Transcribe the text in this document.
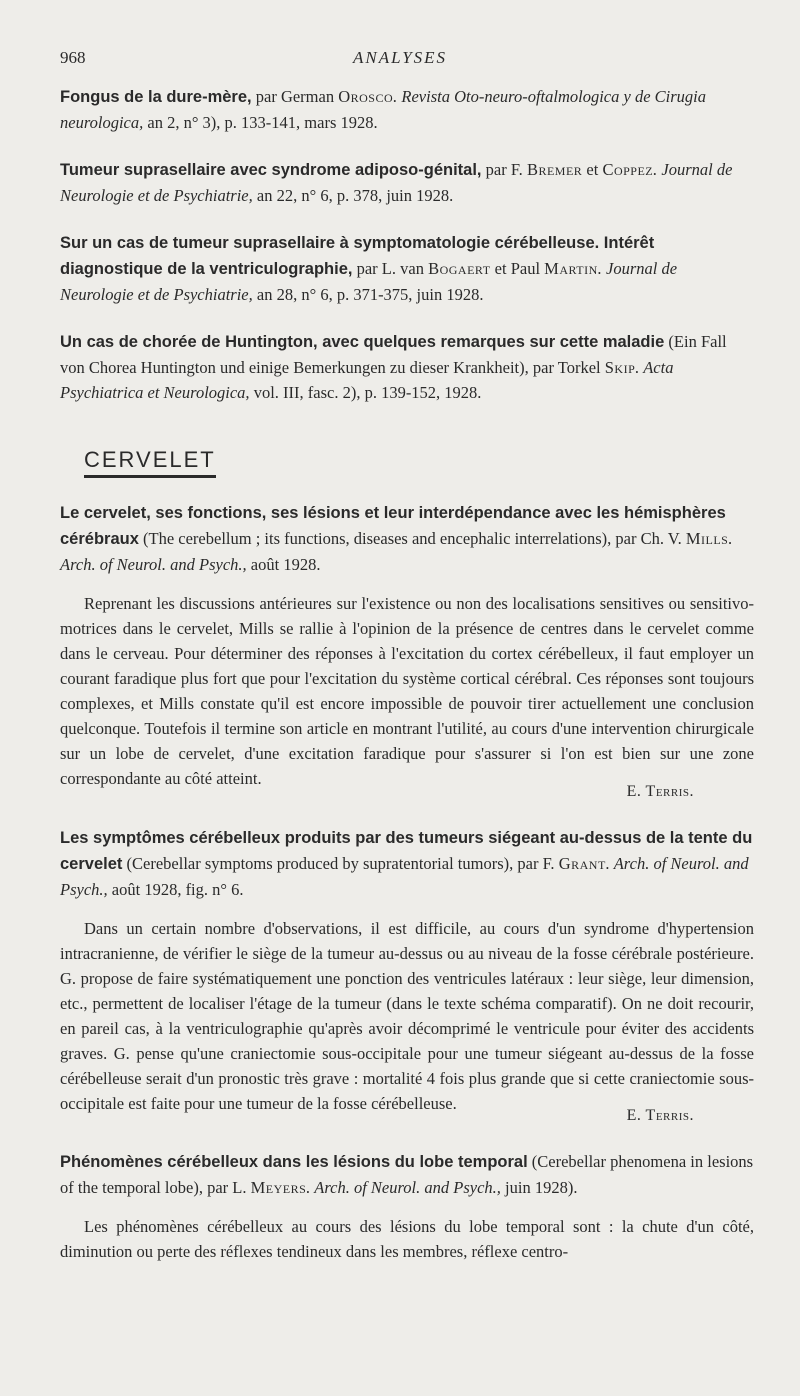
968	ANALYSES
Fongus de la dure-mère, par German Orosco. Revista Oto-neuro-oftalmologica y de Cirugia neurologica, an 2, n° 3), p. 133-141, mars 1928.
Tumeur suprasellaire avec syndrome adiposo-génital, par F. Bremer et Coppez. Journal de Neurologie et de Psychiatrie, an 22, n° 6, p. 378, juin 1928.
Sur un cas de tumeur suprasellaire à symptomatologie cérébelleuse. Intérêt diagnostique de la ventriculographie, par L. van Bogaert et Paul Martin. Journal de Neurologie et de Psychiatrie, an 28, n° 6, p. 371-375, juin 1928.
Un cas de chorée de Huntington, avec quelques remarques sur cette maladie (Ein Fall von Chorea Huntington und einige Bemerkungen zu dieser Krankheit), par Torkel Skip. Acta Psychiatrica et Neurologica, vol. III, fasc. 2), p. 139-152, 1928.
CERVELET
Le cervelet, ses fonctions, ses lésions et leur interdépendance avec les hémisphères cérébraux (The cerebellum ; its functions, diseases and encephalic interrelations), par Ch. V. Mills. Arch. of Neurol. and Psych., août 1928.

Reprenant les discussions antérieures sur l'existence ou non des localisations sensitives ou sensitivo-motrices dans le cervelet, Mills se rallie à l'opinion de la présence de centres dans le cervelet comme dans le cerveau. Pour déterminer des réponses à l'excitation du cortex cérébelleux, il faut employer un courant faradique plus fort que pour l'excitation du système cortical cérébral. Ces réponses sont toujours complexes, et Mills constate qu'il est encore impossible de pouvoir tirer actuellement une conclusion quelconque. Toutefois il termine son article en montrant l'utilité, au cours d'une intervention chirurgicale sur un lobe de cervelet, d'une excitation faradique pour s'assurer si l'on est bien sur une zone correspondante au côté atteint.

E. Terris.
Les symptômes cérébelleux produits par des tumeurs siégeant au-dessus de la tente du cervelet (Cerebellar symptoms produced by supratentorial tumors), par F. Grant. Arch. of Neurol. and Psych., août 1928, fig. n° 6.

Dans un certain nombre d'observations, il est difficile, au cours d'un syndrome d'hypertension intracranienne, de vérifier le siège de la tumeur au-dessus ou au niveau de la fosse cérébrale postérieure. G. propose de faire systématiquement une ponction des ventricules latéraux : leur siège, leur dimension, etc., permettent de localiser l'étage de la tumeur (dans le texte schéma comparatif). On ne doit recourir, en pareil cas, à la ventriculographie qu'après avoir décomprimé le ventricule pour éviter des accidents graves. G. pense qu'une craniectomie sous-occipitale pour une tumeur siégeant au-dessus de la fosse cérébelleuse serait d'un pronostic très grave : mortalité 4 fois plus grande que si cette craniectomie sous-occipitale est faite pour une tumeur de la fosse cérébelleuse.

E. Terris.
Phénomènes cérébelleux dans les lésions du lobe temporal (Cerebellar phenomena in lesions of the temporal lobe), par L. Meyers. Arch. of Neurol. and Psych., juin 1928).

Les phénomènes cérébelleux au cours des lésions du lobe temporal sont : la chute d'un côté, diminution ou perte des réflexes tendineux dans les membres, réflexe centro-
